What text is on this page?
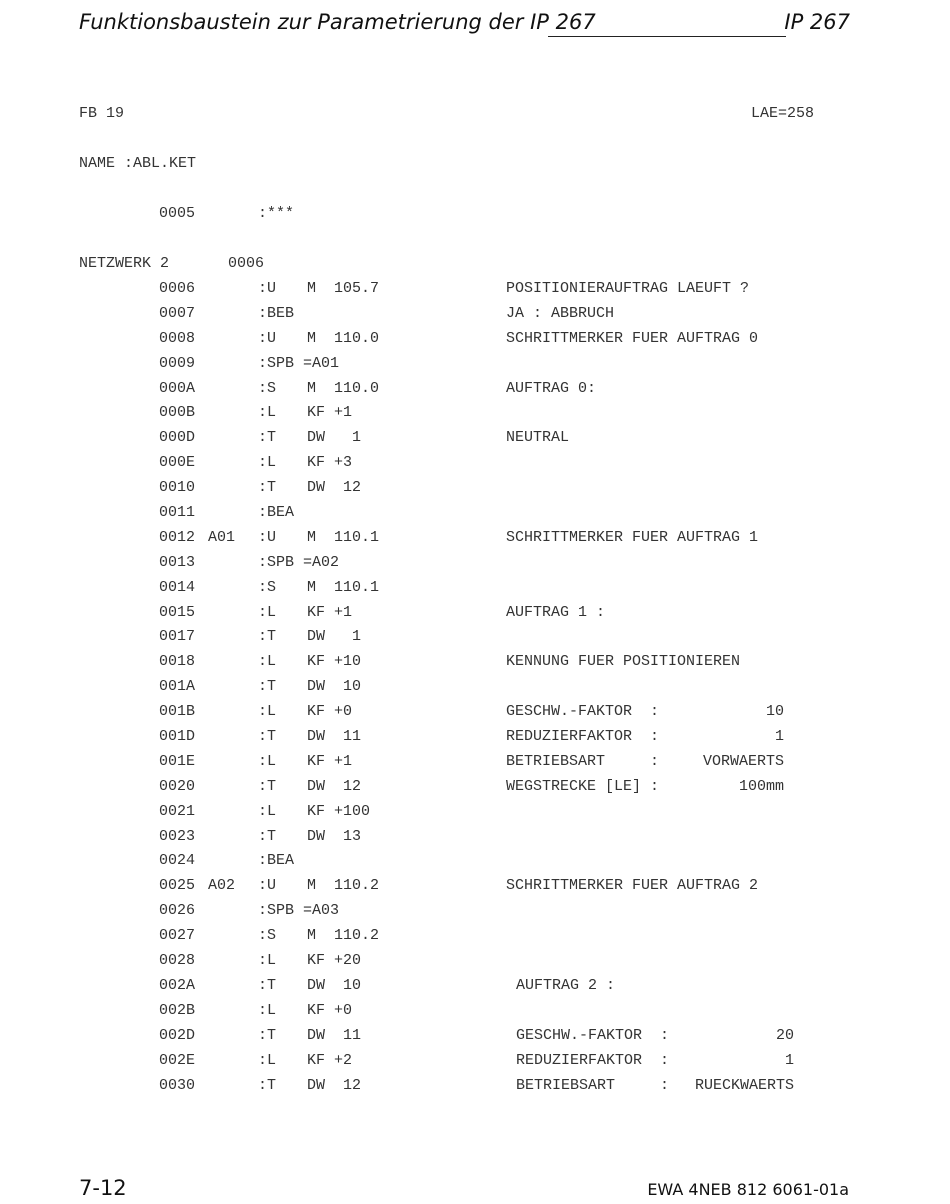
Funktionsbaustein zur Parametrierung der IP 267	IP 267
FB 19	LAE=258
NAME :ABL.KET
0005	:***
NETZWERK 2	0006
0006	:U M  105.7	POSITIONIERAUFTRAG LAEUFT ?
0007	:BEB	JA : ABBRUCH
0008	:U M  110.0	SCHRITTMERKER FUER AUFTRAG 0
0009	:SPB =A01
000A	:S M  110.0	AUFTRAG 0:
000B	:L KF +1
000D	:T DW   1	NEUTRAL
000E	:L KF +3
0010	:T DW  12
0011	:BEA
0012 A01 :U M  110.1	SCHRITTMERKER FUER AUFTRAG 1
0013	:SPB =A02
0014	:S M  110.1
0015	:L KF +1	AUFTRAG 1 :
0017	:T DW   1
0018	:L KF +10	KENNUNG FUER POSITIONIEREN
001A	:T DW  10
001B	:L KF +0	GESCHW.-FAKTOR  :	10
001D	:T DW  11	REDUZIERFAKTOR  :	1
001E	:L KF +1	BETRIEBSART     :	VORWAERTS
0020	:T DW  12	WEGSTRECKE [LE] :	100mm
0021	:L KF +100
0023	:T DW  13
0024	:BEA
0025 A02 :U M  110.2	SCHRITTMERKER FUER AUFTRAG 2
0026	:SPB =A03
0027	:S M  110.2
0028	:L KF +20
002A	:T DW  10	AUFTRAG 2 :
002B	:L KF +0
002D	:T DW  11	GESCHW.-FAKTOR  :	20
002E	:L KF +2	REDUZIERFAKTOR  :	1
0030	:T DW  12	BETRIEBSART     : RUECKWAERTS
7-12	EWA 4NEB 812 6061-01a
